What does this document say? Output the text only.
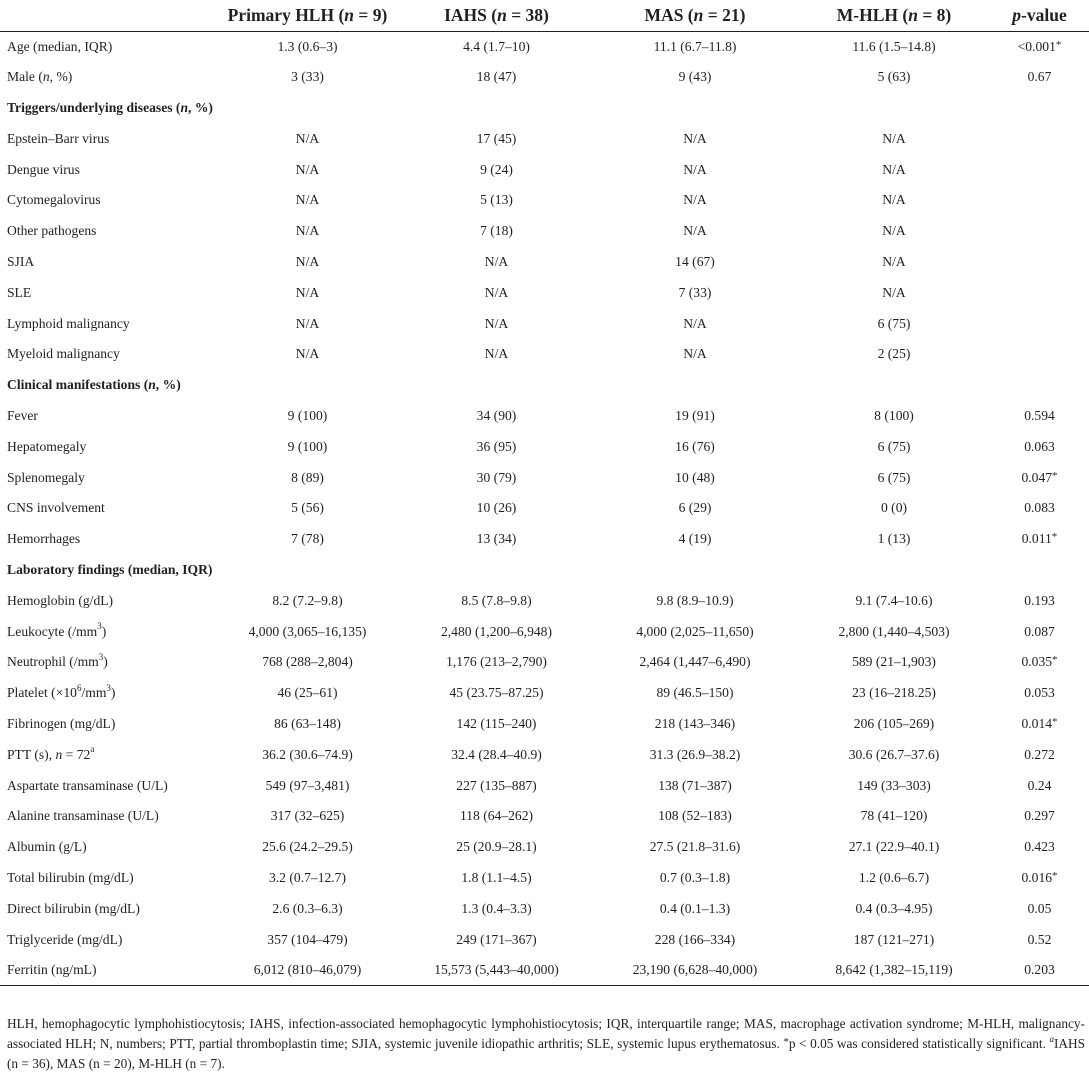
	Primary HLH (n = 9)	IAHS (n = 38)	MAS (n = 21)	M-HLH (n = 8)	p-value
Age (median, IQR)	1.3 (0.6–3)	4.4 (1.7–10)	11.1 (6.7–11.8)	11.6 (1.5–14.8)	<0.001*
Male (n, %)	3 (33)	18 (47)	9 (43)	5 (63)	0.67
Triggers/underlying diseases (n, %)					
Epstein–Barr virus	N/A	17 (45)	N/A	N/A	
Dengue virus	N/A	9 (24)	N/A	N/A	
Cytomegalovirus	N/A	5 (13)	N/A	N/A	
Other pathogens	N/A	7 (18)	N/A	N/A	
SJIA	N/A	N/A	14 (67)	N/A	
SLE	N/A	N/A	7 (33)	N/A	
Lymphoid malignancy	N/A	N/A	N/A	6 (75)	
Myeloid malignancy	N/A	N/A	N/A	2 (25)	
Clinical manifestations (n, %)					
Fever	9 (100)	34 (90)	19 (91)	8 (100)	0.594
Hepatomegaly	9 (100)	36 (95)	16 (76)	6 (75)	0.063
Splenomegaly	8 (89)	30 (79)	10 (48)	6 (75)	0.047*
CNS involvement	5 (56)	10 (26)	6 (29)	0 (0)	0.083
Hemorrhages	7 (78)	13 (34)	4 (19)	1 (13)	0.011*
Laboratory findings (median, IQR)					
Hemoglobin (g/dL)	8.2 (7.2–9.8)	8.5 (7.8–9.8)	9.8 (8.9–10.9)	9.1 (7.4–10.6)	0.193
Leukocyte $(/mm^3)$	4,000 (3,065–16,135)	2,480 (1,200–6,948)	4,000 (2,025–11,650)	2,800 (1,440–4,503)	0.087
Neutrophil $(/mm^3)$	768 (288–2,804)	1,176 (213–2,790)	2,464 (1,447–6,490)	589 (21–1,903)	0.035*
Platelet $(\times 10^6/mm^3)$	46 (25–61)	45 (23.75–87.25)	89 (46.5–150)	23 (16–218.25)	0.053
Fibrinogen (mg/dL)	86 (63–148)	142 (115–240)	218 (143–346)	206 (105–269)	0.014*
PTT (s), $n = 72^a$	36.2 (30.6–74.9)	32.4 (28.4–40.9)	31.3 (26.9–38.2)	30.6 (26.7–37.6)	0.272
Aspartate transaminase (U/L)	549 (97–3,481)	227 (135–887)	138 (71–387)	149 (33–303)	0.24
Alanine transaminase (U/L)	317 (32–625)	118 (64–262)	108 (52–183)	78 (41–120)	0.297
Albumin (g/L)	25.6 (24.2–29.5)	25 (20.9–28.1)	27.5 (21.8–31.6)	27.1 (22.9–40.1)	0.423
Total bilirubin (mg/dL)	3.2 (0.7–12.7)	1.8 (1.1–4.5)	0.7 (0.3–1.8)	1.2 (0.6–6.7)	0.016*
Direct bilirubin (mg/dL)	2.6 (0.3–6.3)	1.3 (0.4–3.3)	0.4 (0.1–1.3)	0.4 (0.3–4.95)	0.05
Triglyceride (mg/dL)	357 (104–479)	249 (171–367)	228 (166–334)	187 (121–271)	0.52
Ferritin (ng/mL)	6,012 (810–46,079)	15,573 (5,443–40,000)	23,190 (6,628–40,000)	8,642 (1,382–15,119)	0.203
HLH, hemophagocytic lymphohistiocytosis; IAHS, infection-associated hemophagocytic lymphohistiocytosis; IQR, interquartile range; MAS, macrophage activation syndrome; M-HLH, malignancy-associated HLH; N, numbers; PTT, partial thromboplastin time; SJIA, systemic juvenile idiopathic arthritis; SLE, systemic lupus erythematosus. *p < 0.05 was considered statistically significant. $^a$IAHS (n = 36), MAS (n = 20), M-HLH (n = 7).
